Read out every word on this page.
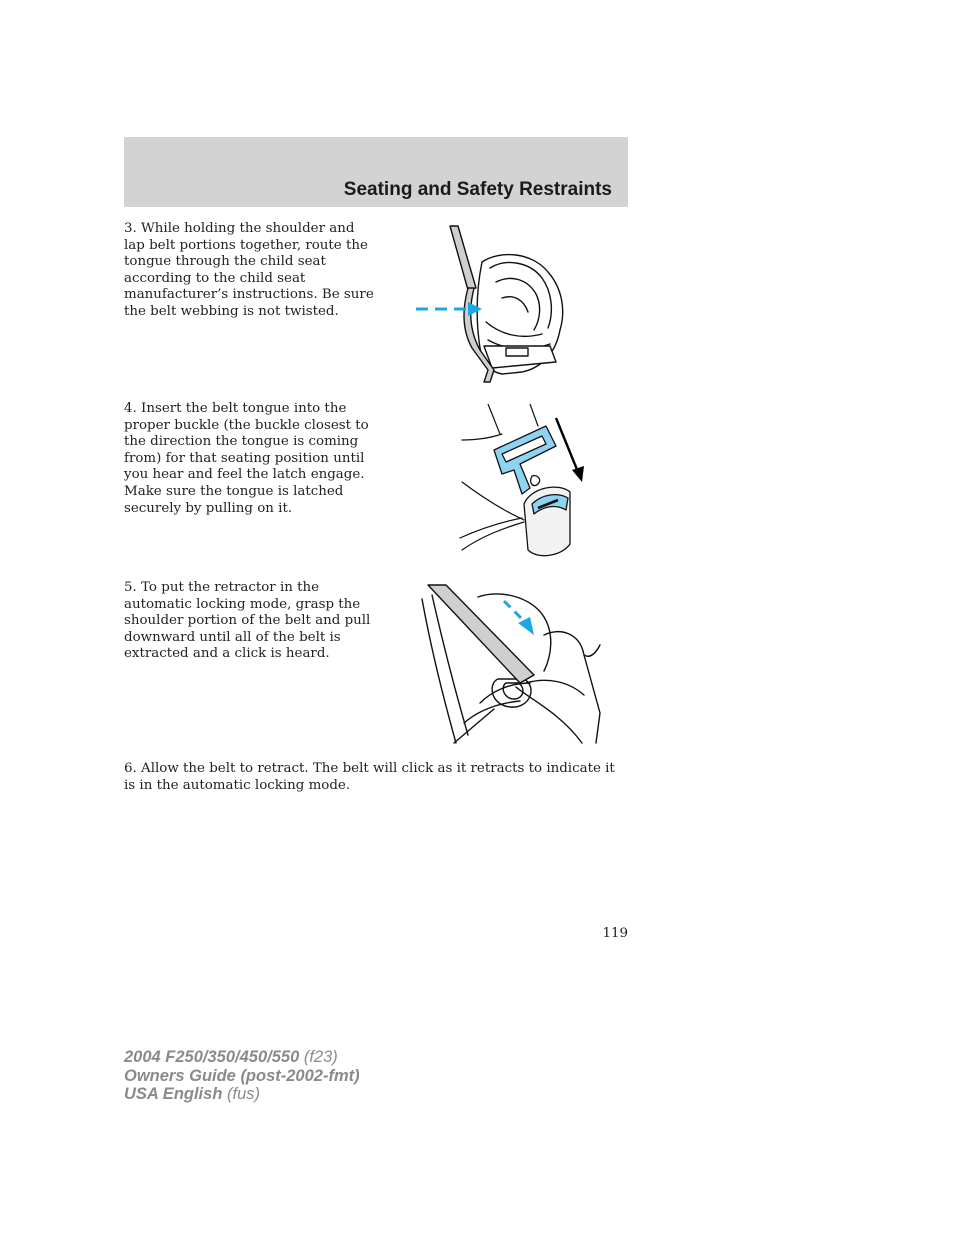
Seating and Safety Restraints
3. While holding the shoulder and
lap belt portions together, route the
tongue through the child seat
according to the child seat
manufacturer’s instructions. Be sure
the belt webbing is not twisted.
4. Insert the belt tongue into the
proper buckle (the buckle closest to
the direction the tongue is coming
from) for that seating position until
you hear and feel the latch engage.
Make sure the tongue is latched
securely by pulling on it.
5. To put the retractor in the
automatic locking mode, grasp the
shoulder portion of the belt and pull
downward until all of the belt is
extracted and a click is heard.
6. Allow the belt to retract. The belt will click as it retracts to indicate it
is in the automatic locking mode.
119
2004 F250/350/450/550 (f23)
Owners Guide (post-2002-fmt)
USA English (fus)
